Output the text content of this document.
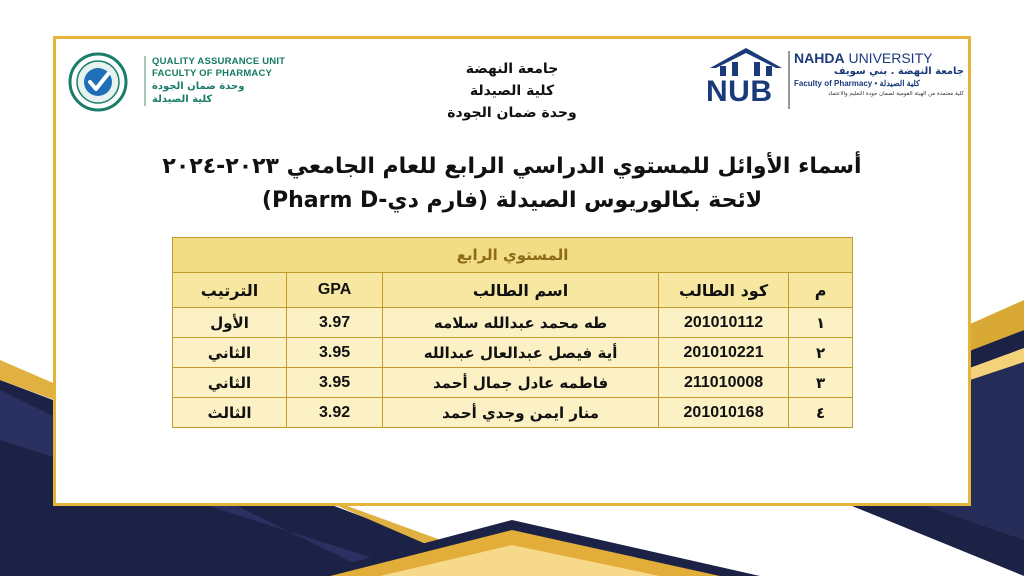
QUALITY ASSURANCE UNIT
FACULTY OF PHARMACY
وحدة ضمان الجودة
كلية الصيدلة
جامعة النهضة
كلية الصيدلة
وحدة ضمان الجودة
NUB
NAHDA UNIVERSITY
جامعة النهضة . بني سويف
Faculty of Pharmacy • كلية الصيدلة
كلية معتمدة من الهيئة القومية لضمان جودة التعليم والاعتماد
أسماء الأوائل للمستوي الدراسي الرابع للعام الجامعي ٢٠٢٣-٢٠٢٤
لائحة بكالوريوس الصيدلة (فارم دي-Pharm D)
المستوي الرابع				
م	كود الطالب	اسم الطالب	GPA	الترتيب
١	201010112	طه محمد عبدالله سلامه	3.97	الأول
٢	201010221	أية فيصل عبدالعال عبدالله	3.95	الثاني
٣	211010008	فاطمه عادل جمال أحمد	3.95	الثاني
٤	201010168	منار ايمن وجدي أحمد	3.92	الثالث
